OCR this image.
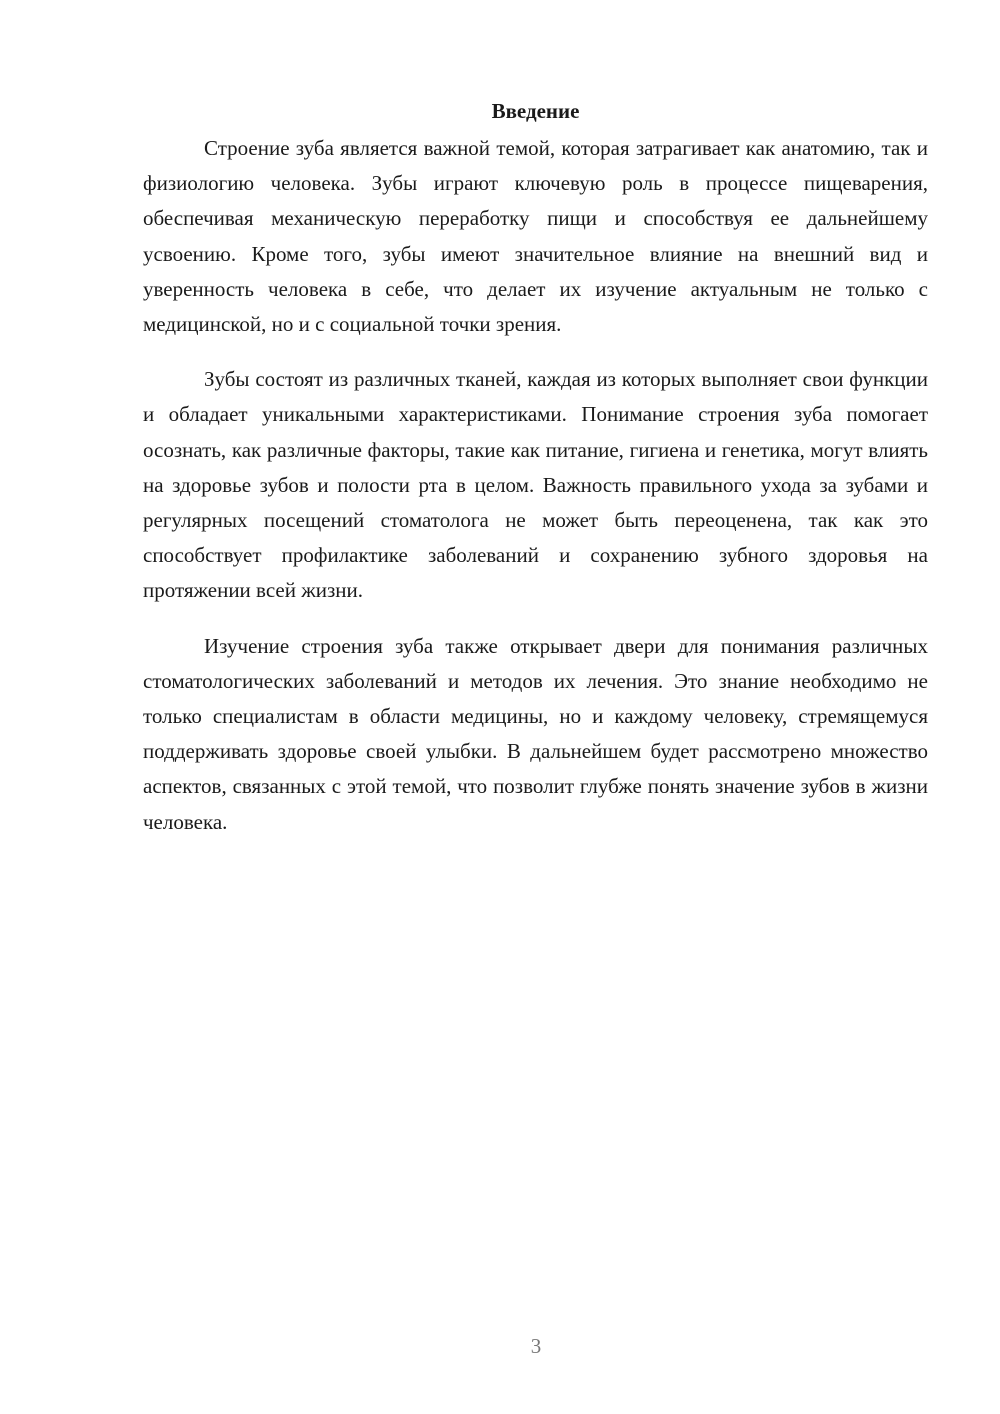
Введение

Строение зуба является важной темой, которая затрагивает как анатомию, так и физиологию человека. Зубы играют ключевую роль в процессе пищеварения, обеспечивая механическую переработку пищи и способствуя ее дальнейшему усвоению. Кроме того, зубы имеют значительное влияние на внешний вид и уверенность человека в себе, что делает их изучение актуальным не только с медицинской, но и с социальной точки зрения.

Зубы состоят из различных тканей, каждая из которых выполняет свои функции и обладает уникальными характеристиками. Понимание строения зуба помогает осознать, как различные факторы, такие как питание, гигиена и генетика, могут влиять на здоровье зубов и полости рта в целом. Важность правильного ухода за зубами и регулярных посещений стоматолога не может быть переоценена, так как это способствует профилактике заболеваний и сохранению зубного здоровья на протяжении всей жизни.

Изучение строения зуба также открывает двери для понимания различных стоматологических заболеваний и методов их лечения. Это знание необходимо не только специалистам в области медицины, но и каждому человеку, стремящемуся поддерживать здоровье своей улыбки. В дальнейшем будет рассмотрено множество аспектов, связанных с этой темой, что позволит глубже понять значение зубов в жизни человека.

3
